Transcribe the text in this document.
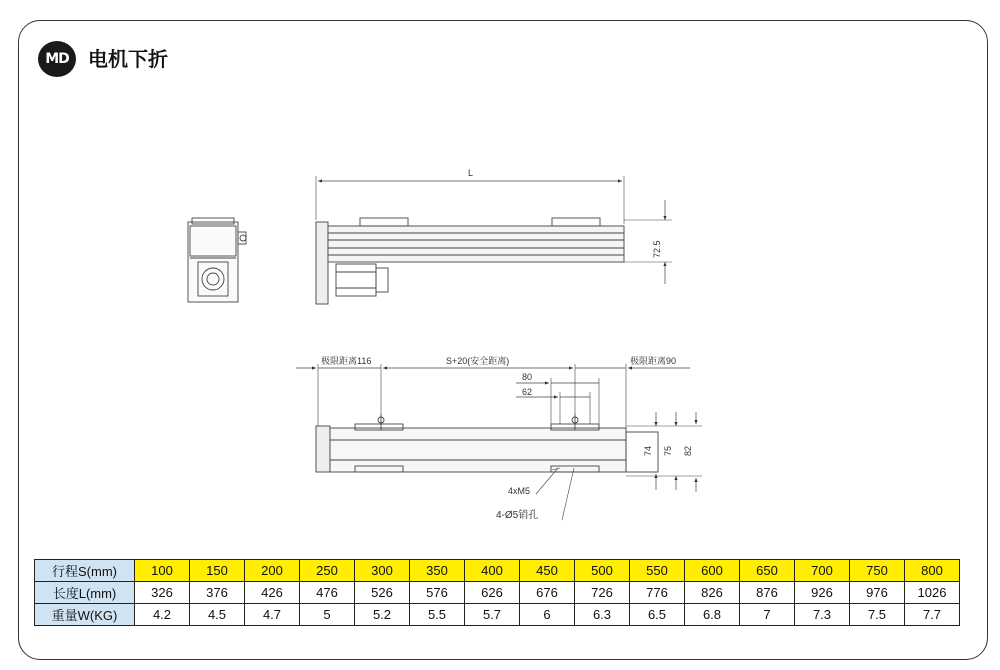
MD 电机下折
L
72.5
极限距离116	S+20(安全距离)	极限距离90
80
62
74 75 82
4xM5
4-Ø5销孔
行程S(mm)	100	150	200	250	300	350	400	450	500	550	600	650	700	750	800
长度L(mm)	326	376	426	476	526	576	626	676	726	776	826	876	926	976	1026
重量W(KG)	4.2	4.5	4.7	5	5.2	5.5	5.7	6	6.3	6.5	6.8	7	7.3	7.5	7.7
